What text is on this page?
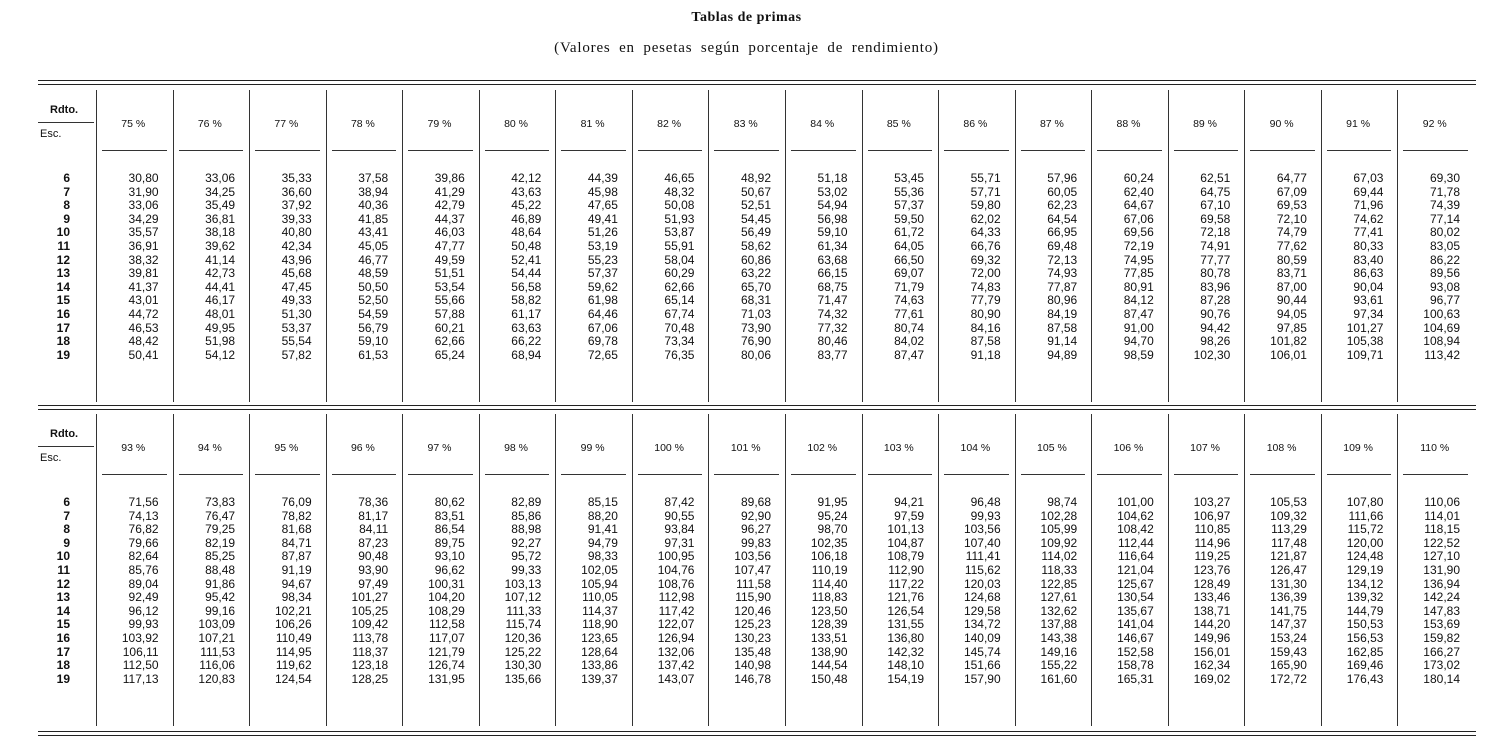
Tablas de primas
(Valores en pesetas según porcentaje de rendimiento)
Rdto.
Esc.
6
7
8
9
10
11
12
13
14
15
16
17
18
19
75 %
30,80
31,90
33,06
34,29
35,57
36,91
38,32
39,81
41,37
43,01
44,72
46,53
48,42
50,41
76 %
33,06
34,25
35,49
36,81
38,18
39,62
41,14
42,73
44,41
46,17
48,01
49,95
51,98
54,12
77 %
35,33
36,60
37,92
39,33
40,80
42,34
43,96
45,68
47,45
49,33
51,30
53,37
55,54
57,82
78 %
37,58
38,94
40,36
41,85
43,41
45,05
46,77
48,59
50,50
52,50
54,59
56,79
59,10
61,53
79 %
39,86
41,29
42,79
44,37
46,03
47,77
49,59
51,51
53,54
55,66
57,88
60,21
62,66
65,24
80 %
42,12
43,63
45,22
46,89
48,64
50,48
52,41
54,44
56,58
58,82
61,17
63,63
66,22
68,94
81 %
44,39
45,98
47,65
49,41
51,26
53,19
55,23
57,37
59,62
61,98
64,46
67,06
69,78
72,65
82 %
46,65
48,32
50,08
51,93
53,87
55,91
58,04
60,29
62,66
65,14
67,74
70,48
73,34
76,35
83 %
48,92
50,67
52,51
54,45
56,49
58,62
60,86
63,22
65,70
68,31
71,03
73,90
76,90
80,06
84 %
51,18
53,02
54,94
56,98
59,10
61,34
63,68
66,15
68,75
71,47
74,32
77,32
80,46
83,77
85 %
53,45
55,36
57,37
59,50
61,72
64,05
66,50
69,07
71,79
74,63
77,61
80,74
84,02
87,47
86 %
55,71
57,71
59,80
62,02
64,33
66,76
69,32
72,00
74,83
77,79
80,90
84,16
87,58
91,18
87 %
57,96
60,05
62,23
64,54
66,95
69,48
72,13
74,93
77,87
80,96
84,19
87,58
91,14
94,89
88 %
60,24
62,40
64,67
67,06
69,56
72,19
74,95
77,85
80,91
84,12
87,47
91,00
94,70
98,59
89 %
62,51
64,75
67,10
69,58
72,18
74,91
77,77
80,78
83,96
87,28
90,76
94,42
98,26
102,30
90 %
64,77
67,09
69,53
72,10
74,79
77,62
80,59
83,71
87,00
90,44
94,05
97,85
101,82
106,01
91 %
67,03
69,44
71,96
74,62
77,41
80,33
83,40
86,63
90,04
93,61
97,34
101,27
105,38
109,71
92 %
69,30
71,78
74,39
77,14
80,02
83,05
86,22
89,56
93,08
96,77
100,63
104,69
108,94
113,42
Rdto.
Esc.
6
7
8
9
10
11
12
13
14
15
16
17
18
19
93 %
71,56
74,13
76,82
79,66
82,64
85,76
89,04
92,49
96,12
99,93
103,92
106,11
112,50
117,13
94 %
73,83
76,47
79,25
82,19
85,25
88,48
91,86
95,42
99,16
103,09
107,21
111,53
116,06
120,83
95 %
76,09
78,82
81,68
84,71
87,87
91,19
94,67
98,34
102,21
106,26
110,49
114,95
119,62
124,54
96 %
78,36
81,17
84,11
87,23
90,48
93,90
97,49
101,27
105,25
109,42
113,78
118,37
123,18
128,25
97 %
80,62
83,51
86,54
89,75
93,10
96,62
100,31
104,20
108,29
112,58
117,07
121,79
126,74
131,95
98 %
82,89
85,86
88,98
92,27
95,72
99,33
103,13
107,12
111,33
115,74
120,36
125,22
130,30
135,66
99 %
85,15
88,20
91,41
94,79
98,33
102,05
105,94
110,05
114,37
118,90
123,65
128,64
133,86
139,37
100 %
87,42
90,55
93,84
97,31
100,95
104,76
108,76
112,98
117,42
122,07
126,94
132,06
137,42
143,07
101 %
89,68
92,90
96,27
99,83
103,56
107,47
111,58
115,90
120,46
125,23
130,23
135,48
140,98
146,78
102 %
91,95
95,24
98,70
102,35
106,18
110,19
114,40
118,83
123,50
128,39
133,51
138,90
144,54
150,48
103 %
94,21
97,59
101,13
104,87
108,79
112,90
117,22
121,76
126,54
131,55
136,80
142,32
148,10
154,19
104 %
96,48
99,93
103,56
107,40
111,41
115,62
120,03
124,68
129,58
134,72
140,09
145,74
151,66
157,90
105 %
98,74
102,28
105,99
109,92
114,02
118,33
122,85
127,61
132,62
137,88
143,38
149,16
155,22
161,60
106 %
101,00
104,62
108,42
112,44
116,64
121,04
125,67
130,54
135,67
141,04
146,67
152,58
158,78
165,31
107 %
103,27
106,97
110,85
114,96
119,25
123,76
128,49
133,46
138,71
144,20
149,96
156,01
162,34
169,02
108 %
105,53
109,32
113,29
117,48
121,87
126,47
131,30
136,39
141,75
147,37
153,24
159,43
165,90
172,72
109 %
107,80
111,66
115,72
120,00
124,48
129,19
134,12
139,32
144,79
150,53
156,53
162,85
169,46
176,43
110 %
110,06
114,01
118,15
122,52
127,10
131,90
136,94
142,24
147,83
153,69
159,82
166,27
173,02
180,14
